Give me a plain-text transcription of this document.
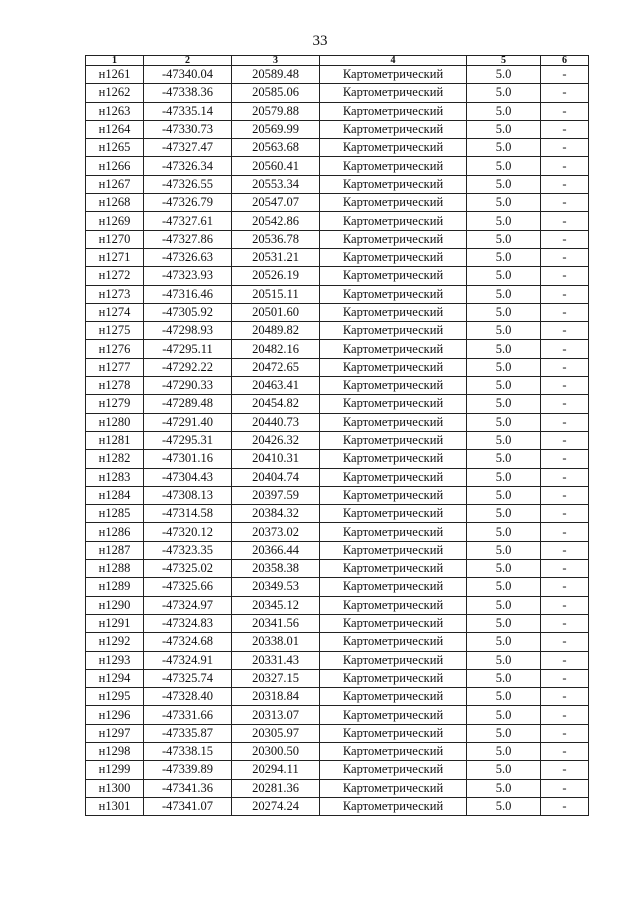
33
1	2	3	4	5	6
н1261	-47340.04	20589.48	Картометрический	5.0	-
н1262	-47338.36	20585.06	Картометрический	5.0	-
н1263	-47335.14	20579.88	Картометрический	5.0	-
н1264	-47330.73	20569.99	Картометрический	5.0	-
н1265	-47327.47	20563.68	Картометрический	5.0	-
н1266	-47326.34	20560.41	Картометрический	5.0	-
н1267	-47326.55	20553.34	Картометрический	5.0	-
н1268	-47326.79	20547.07	Картометрический	5.0	-
н1269	-47327.61	20542.86	Картометрический	5.0	-
н1270	-47327.86	20536.78	Картометрический	5.0	-
н1271	-47326.63	20531.21	Картометрический	5.0	-
н1272	-47323.93	20526.19	Картометрический	5.0	-
н1273	-47316.46	20515.11	Картометрический	5.0	-
н1274	-47305.92	20501.60	Картометрический	5.0	-
н1275	-47298.93	20489.82	Картометрический	5.0	-
н1276	-47295.11	20482.16	Картометрический	5.0	-
н1277	-47292.22	20472.65	Картометрический	5.0	-
н1278	-47290.33	20463.41	Картометрический	5.0	-
н1279	-47289.48	20454.82	Картометрический	5.0	-
н1280	-47291.40	20440.73	Картометрический	5.0	-
н1281	-47295.31	20426.32	Картометрический	5.0	-
н1282	-47301.16	20410.31	Картометрический	5.0	-
н1283	-47304.43	20404.74	Картометрический	5.0	-
н1284	-47308.13	20397.59	Картометрический	5.0	-
н1285	-47314.58	20384.32	Картометрический	5.0	-
н1286	-47320.12	20373.02	Картометрический	5.0	-
н1287	-47323.35	20366.44	Картометрический	5.0	-
н1288	-47325.02	20358.38	Картометрический	5.0	-
н1289	-47325.66	20349.53	Картометрический	5.0	-
н1290	-47324.97	20345.12	Картометрический	5.0	-
н1291	-47324.83	20341.56	Картометрический	5.0	-
н1292	-47324.68	20338.01	Картометрический	5.0	-
н1293	-47324.91	20331.43	Картометрический	5.0	-
н1294	-47325.74	20327.15	Картометрический	5.0	-
н1295	-47328.40	20318.84	Картометрический	5.0	-
н1296	-47331.66	20313.07	Картометрический	5.0	-
н1297	-47335.87	20305.97	Картометрический	5.0	-
н1298	-47338.15	20300.50	Картометрический	5.0	-
н1299	-47339.89	20294.11	Картометрический	5.0	-
н1300	-47341.36	20281.36	Картометрический	5.0	-
н1301	-47341.07	20274.24	Картометрический	5.0	-
